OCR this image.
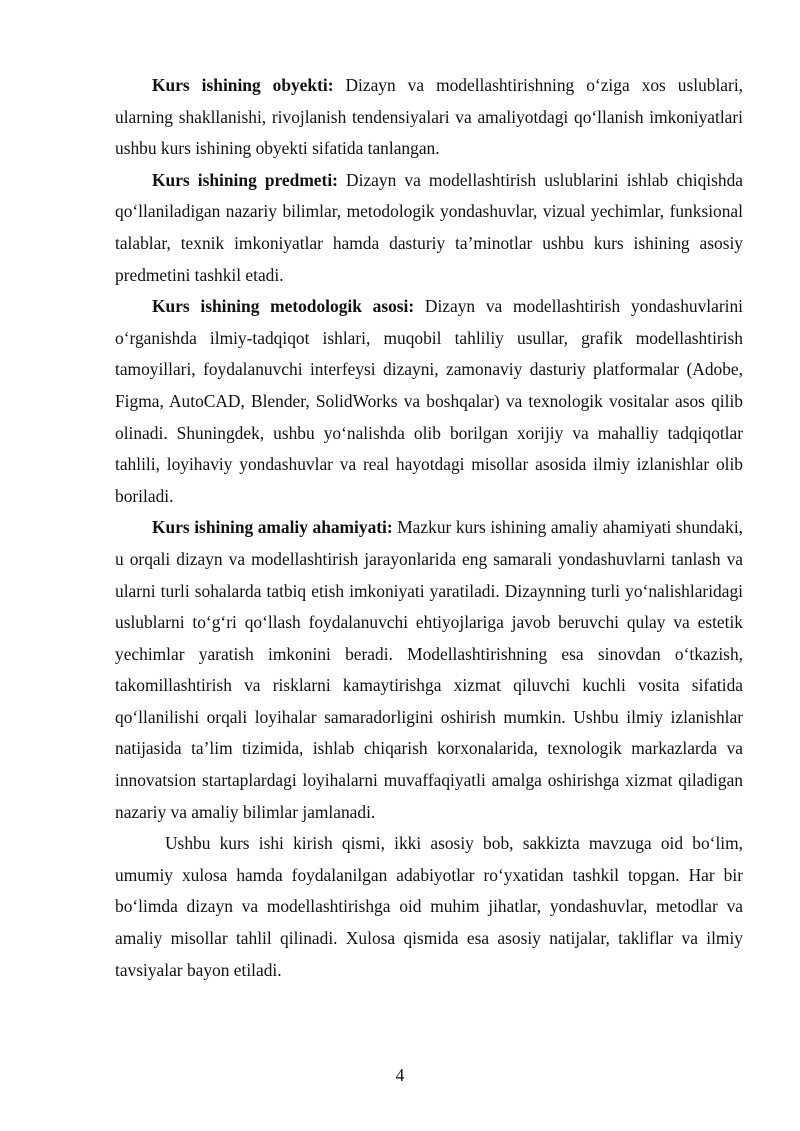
Kurs ishining obyekti: Dizayn va modellashtirishning o‘ziga xos uslublari, ularning shakllanishi, rivojlanish tendensiyalari va amaliyotdagi qo‘llanish imkoniyatlari ushbu kurs ishining obyekti sifatida tanlangan.

Kurs ishining predmeti: Dizayn va modellashtirish uslublarini ishlab chiqishda qo‘llaniladigan nazariy bilimlar, metodologik yondashuvlar, vizual yechimlar, funksional talablar, texnik imkoniyatlar hamda dasturiy ta’minotlar ushbu kurs ishining asosiy predmetini tashkil etadi.

Kurs ishining metodologik asosi: Dizayn va modellashtirish yondashuvlarini o‘rganishda ilmiy-tadqiqot ishlari, muqobil tahliliy usullar, grafik modellashtirish tamoyillari, foydalanuvchi interfeysi dizayni, zamonaviy dasturiy platformalar (Adobe, Figma, AutoCAD, Blender, SolidWorks va boshqalar) va texnologik vositalar asos qilib olinadi. Shuningdek, ushbu yo‘nalishda olib borilgan xorijiy va mahalliy tadqiqotlar tahlili, loyihaviy yondashuvlar va real hayotdagi misollar asosida ilmiy izlanishlar olib boriladi.

Kurs ishining amaliy ahamiyati: Mazkur kurs ishining amaliy ahamiyati shundaki, u orqali dizayn va modellashtirish jarayonlarida eng samarali yondashuvlarni tanlash va ularni turli sohalarda tatbiq etish imkoniyati yaratiladi. Dizaynning turli yo‘nalishlaridagi uslublarni to‘g‘ri qo‘llash foydalanuvchi ehtiyojlariga javob beruvchi qulay va estetik yechimlar yaratish imkonini beradi. Modellashtirishning esa sinovdan o‘tkazish, takomillashtirish va risklarni kamaytirishga xizmat qiluvchi kuchli vosita sifatida qo‘llanilishi orqali loyihalar samaradorligini oshirish mumkin. Ushbu ilmiy izlanishlar natijasida ta’lim tizimida, ishlab chiqarish korxonalarida, texnologik markazlarda va innovatsion startaplardagi loyihalarni muvaffaqiyatli amalga oshirishga xizmat qiladigan nazariy va amaliy bilimlar jamlanadi.

Ushbu kurs ishi kirish qismi, ikki asosiy bob, sakkizta mavzuga oid bo‘lim, umumiy xulosa hamda foydalanilgan adabiyotlar ro‘yxatidan tashkil topgan. Har bir bo‘limda dizayn va modellashtirishga oid muhim jihatlar, yondashuvlar, metodlar va amaliy misollar tahlil qilinadi. Xulosa qismida esa asosiy natijalar, takliflar va ilmiy tavsiyalar bayon etiladi.

4
